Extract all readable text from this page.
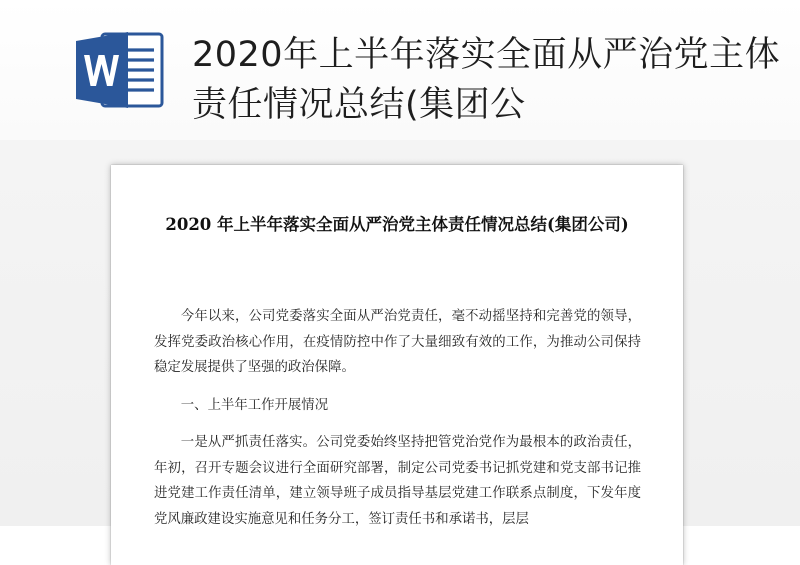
2020年上半年落实全面从严治党主体责任情况总结(集团公
2020 年上半年落实全面从严治党主体责任情况总结(集团公司)
今年以来，公司党委落实全面从严治党责任，毫不动摇坚持和完善党的领导，发挥党委政治核心作用，在疫情防控中作了大量细致有效的工作，为推动公司保持稳定发展提供了坚强的政治保障。
一、上半年工作开展情况
一是从严抓责任落实。公司党委始终坚持把管党治党作为最根本的政治责任，年初，召开专题会议进行全面研究部署，制定公司党委书记抓党建和党支部书记推进党建工作责任清单，建立领导班子成员指导基层党建工作联系点制度，下发年度党风廉政建设实施意见和任务分工，签订责任书和承诺书，层层
